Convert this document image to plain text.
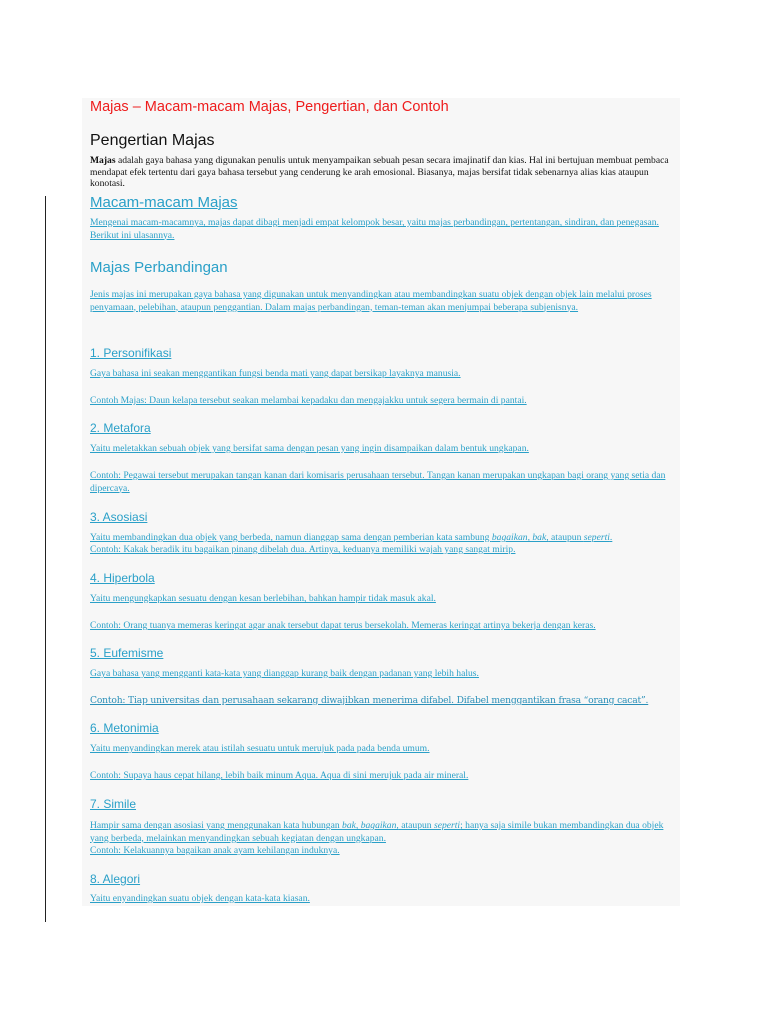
Majas – Macam-macam Majas, Pengertian, dan Contoh
Pengertian Majas

Majas adalah gaya bahasa yang digunakan penulis untuk menyampaikan sebuah pesan secara imajinatif dan kias. Hal ini bertujuan membuat pembaca mendapat efek tertentu dari gaya bahasa tersebut yang cenderung ke arah emosional. Biasanya, majas bersifat tidak sebenarnya alias kias ataupun konotasi.

Macam-macam Majas

Mengenai macam-macamnya, majas dapat dibagi menjadi empat kelompok besar, yaitu majas perbandingan, pertentangan, sindiran, dan penegasan. Berikut ini ulasannya.

Majas Perbandingan

Jenis majas ini merupakan gaya bahasa yang digunakan untuk menyandingkan atau membandingkan suatu objek dengan objek lain melalui proses penyamaan, pelebihan, ataupun penggantian. Dalam majas perbandingan, teman-teman akan menjumpai beberapa subjenisnya.

1. Personifikasi

Gaya bahasa ini seakan menggantikan fungsi benda mati yang dapat bersikap layaknya manusia.

Contoh Majas: Daun kelapa tersebut seakan melambai kepadaku dan mengajakku untuk segera bermain di pantai.

2. Metafora

Yaitu meletakkan sebuah objek yang bersifat sama dengan pesan yang ingin disampaikan dalam bentuk ungkapan.

Contoh: Pegawai tersebut merupakan tangan kanan dari komisaris perusahaan tersebut. Tangan kanan merupakan ungkapan bagi orang yang setia dan dipercaya.

3. Asosiasi

Yaitu membandingkan dua objek yang berbeda, namun dianggap sama dengan pemberian kata sambung bagaikan, bak, ataupun seperti.

Contoh: Kakak beradik itu bagaikan pinang dibelah dua. Artinya, keduanya memiliki wajah yang sangat mirip.

4. Hiperbola

Yaitu mengungkapkan sesuatu dengan kesan berlebihan, bahkan hampir tidak masuk akal.

Contoh: Orang tuanya memeras keringat agar anak tersebut dapat terus bersekolah. Memeras keringat artinya bekerja dengan keras.

5. Eufemisme

Gaya bahasa yang mengganti kata-kata yang dianggap kurang baik dengan padanan yang lebih halus.

Contoh: Tiap universitas dan perusahaan sekarang diwajibkan menerima difabel. Difabel menggantikan frasa “orang cacat”.

6. Metonimia

Yaitu menyandingkan merek atau istilah sesuatu untuk merujuk pada pada benda umum.

Contoh: Supaya haus cepat hilang, lebih baik minum Aqua. Aqua di sini merujuk pada air mineral.

7. Simile

Hampir sama dengan asosiasi yang menggunakan kata hubungan bak, bagaikan, ataupun seperti; hanya saja simile bukan membandingkan dua objek yang berbeda, melainkan menyandingkan sebuah kegiatan dengan ungkapan.

Contoh: Kelakuannya bagaikan anak ayam kehilangan induknya.

8. Alegori

Yaitu enyandingkan suatu objek dengan kata-kata kiasan.
